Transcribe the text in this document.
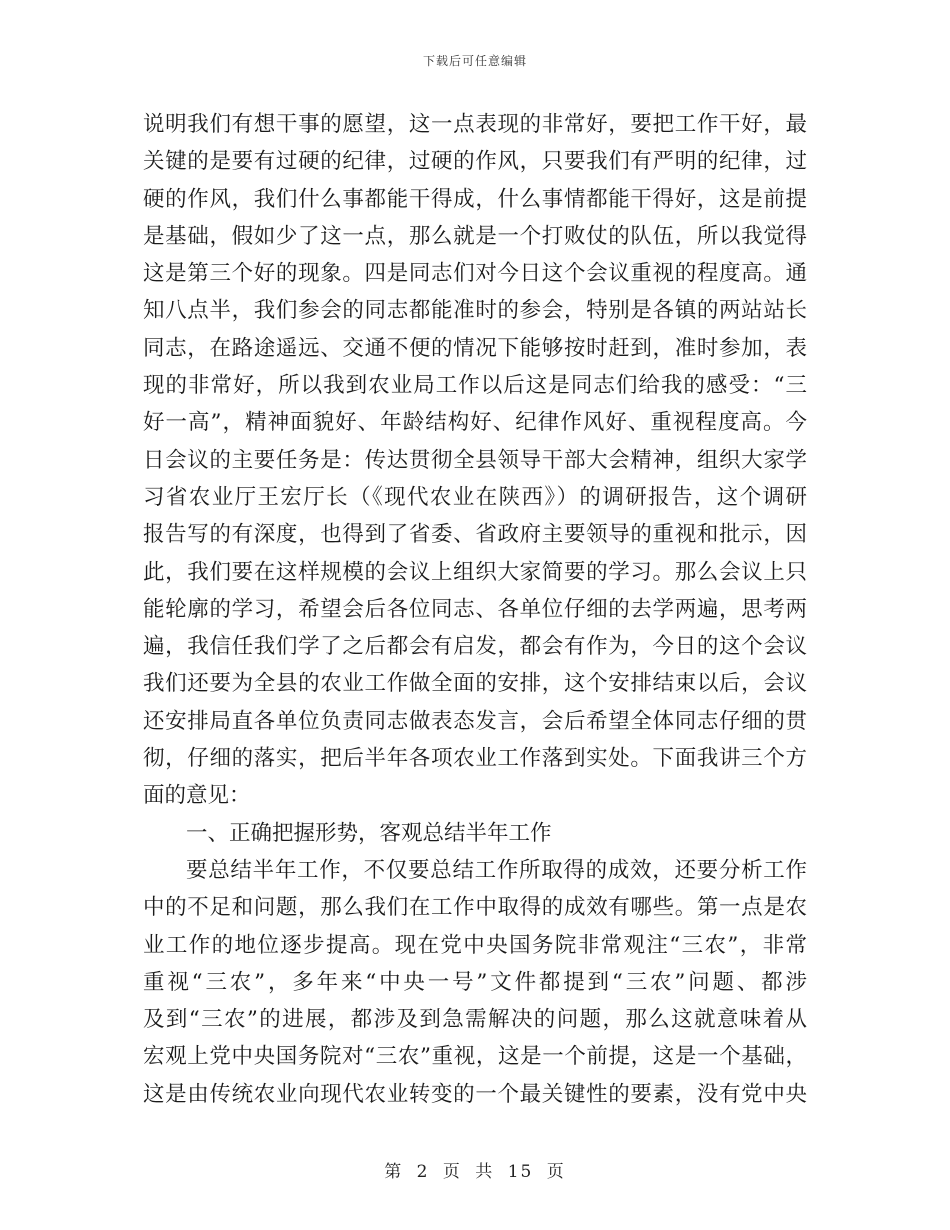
下载后可任意编辑
说明我们有想干事的愿望，这一点表现的非常好，要把工作干好，最
关键的是要有过硬的纪律，过硬的作风，只要我们有严明的纪律，过
硬的作风，我们什么事都能干得成，什么事情都能干得好，这是前提
是基础，假如少了这一点，那么就是一个打败仗的队伍，所以我觉得
这是第三个好的现象。四是同志们对今日这个会议重视的程度高。通
知八点半，我们参会的同志都能准时的参会，特别是各镇的两站站长
同志，在路途遥远、交通不便的情况下能够按时赶到，准时参加，表
现的非常好，所以我到农业局工作以后这是同志们给我的感受：“三
好一高”，精神面貌好、年龄结构好、纪律作风好、重视程度高。今
日会议的主要任务是：传达贯彻全县领导干部大会精神，组织大家学
习省农业厅王宏厅长（《现代农业在陕西》）的调研报告，这个调研
报告写的有深度，也得到了省委、省政府主要领导的重视和批示，因
此，我们要在这样规模的会议上组织大家简要的学习。那么会议上只
能轮廓的学习，希望会后各位同志、各单位仔细的去学两遍，思考两
遍，我信任我们学了之后都会有启发，都会有作为，今日的这个会议
我们还要为全县的农业工作做全面的安排，这个安排结束以后，会议
还安排局直各单位负责同志做表态发言，会后希望全体同志仔细的贯
彻，仔细的落实，把后半年各项农业工作落到实处。下面我讲三个方
面的意见：
一、正确把握形势，客观总结半年工作
要总结半年工作，不仅要总结工作所取得的成效，还要分析工作
中的不足和问题，那么我们在工作中取得的成效有哪些。第一点是农
业工作的地位逐步提高。现在党中央国务院非常观注“三农”，非常
重视“三农”，多年来“中央一号”文件都提到“三农”问题、都涉
及到“三农”的进展，都涉及到急需解决的问题，那么这就意味着从
宏观上党中央国务院对“三农”重视，这是一个前提，这是一个基础，
这是由传统农业向现代农业转变的一个最关键性的要素，没有党中央
第 2 页 共 15 页
